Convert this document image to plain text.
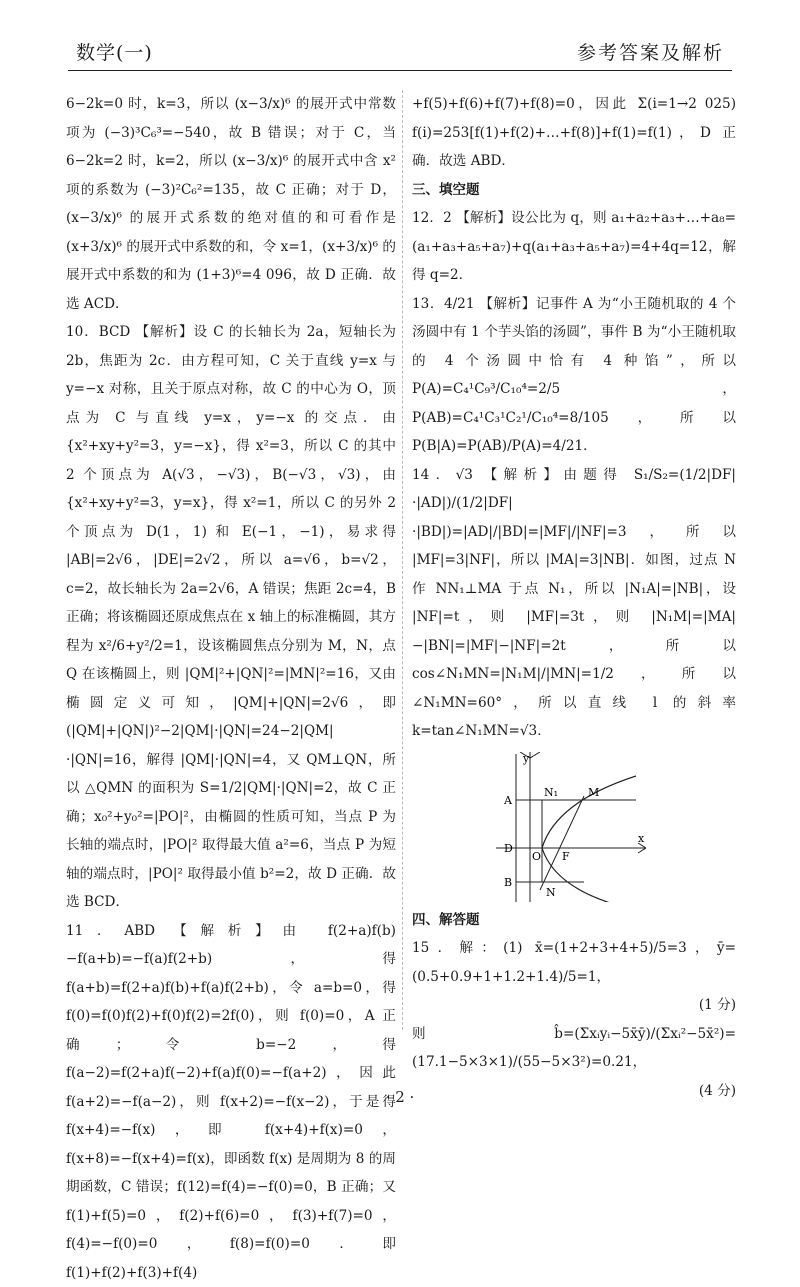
数学(一)	参考答案及解析

6−2k=0 时，k=3，所以 (x−3/x)⁶ 的展开式中常数项为 (−3)³C₆³=−540，故 B 错误；对于 C，当 6−2k=2 时，k=2，所以 (x−3/x)⁶ 的展开式中含 x² 项的系数为 (−3)²C₆²=135，故 C 正确；对于 D，(x−3/x)⁶ 的展开式系数的绝对值的和可看作是 (x+3/x)⁶ 的展开式中系数的和，令 x=1，(x+3/x)⁶ 的展开式中系数的和为 (1+3)⁶=4 096，故 D 正确．故选 ACD．

10．BCD 【解析】设 C 的长轴长为 2a，短轴长为 2b，焦距为 2c．由方程可知，C 关于直线 y=x 与 y=−x 对称，且关于原点对称，故 C 的中心为 O，顶点为 C 与直线 y=x，y=−x 的交点．由 {x²+xy+y²=3，y=−x}，得 x²=3，所以 C 的其中 2 个顶点为 A(√3，−√3)，B(−√3，√3)，由 {x²+xy+y²=3，y=x}，得 x²=1，所以 C 的另外 2 个顶点为 D(1，1) 和 E(−1，−1)，易求得 |AB|=2√6，|DE|=2√2，所以 a=√6，b=√2，c=2，故长轴长为 2a=2√6，A 错误；焦距 2c=4，B 正确；将该椭圆还原成焦点在 x 轴上的标准椭圆，其方程为 x²/6+y²/2=1，设该椭圆焦点分别为 M，N，点 Q 在该椭圆上，则 |QM|²+|QN|²=|MN|²=16，又由椭圆定义可知，|QM|+|QN|=2√6，即 (|QM|+|QN|)²−2|QM|·|QN|=24−2|QM|·|QN|=16，解得 |QM|·|QN|=4，又 QM⊥QN，所以 △QMN 的面积为 S=1/2|QM|·|QN|=2，故 C 正确；x₀²+y₀²=|PO|²，由椭圆的性质可知，当点 P 为长轴的端点时，|PO|² 取得最大值 a²=6，当点 P 为短轴的端点时，|PO|² 取得最小值 b²=2，故 D 正确．故选 BCD．

11．ABD 【解析】由 f(2+a)f(b)−f(a+b)=−f(a)f(2+b)，得 f(a+b)=f(2+a)f(b)+f(a)f(2+b)，令 a=b=0，得 f(0)=f(0)f(2)+f(0)f(2)=2f(0)，则 f(0)=0，A 正确；令 b=−2，得 f(a−2)=f(2+a)f(−2)+f(a)f(0)=−f(a+2)，因此 f(a+2)=−f(a−2)，则 f(x+2)=−f(x−2)，于是得 f(x+4)=−f(x)，即 f(x+4)+f(x)=0，f(x+8)=−f(x+4)=f(x)，即函数 f(x) 是周期为 8 的周期函数，C 错误；f(12)=f(4)=−f(0)=0，B 正确；又 f(1)+f(5)=0，f(2)+f(6)=0，f(3)+f(7)=0，f(4)=−f(0)=0，f(8)=f(0)=0．即 f(1)+f(2)+f(3)+f(4)

+f(5)+f(6)+f(7)+f(8)=0，因此 Σ(i=1→2 025) f(i)=253[f(1)+f(2)+…+f(8)]+f(1)=f(1)，D 正确．故选 ABD．

三、填空题

12．2 【解析】设公比为 q，则 a₁+a₂+a₃+…+a₈=(a₁+a₃+a₅+a₇)+q(a₁+a₃+a₅+a₇)=4+4q=12，解得 q=2．

13．4/21 【解析】记事件 A 为“小王随机取的 4 个汤圆中有 1 个芋头馅的汤圆”，事件 B 为“小王随机取的 4 个汤圆中恰有 4 种馅”，所以 P(A)=C₄¹C₉³/C₁₀⁴=2/5，P(AB)=C₄¹C₃¹C₂¹/C₁₀⁴=8/105，所以 P(B|A)=P(AB)/P(A)=4/21．

14．√3 【解析】由题得 S₁/S₂=(1/2|DF|·|AD|)/(1/2|DF|·|BD|)=|AD|/|BD|=|MF|/|NF|=3，所以 |MF|=3|NF|，所以 |MA|=3|NB|．如图，过点 N 作 NN₁⊥MA 于点 N₁，所以 |N₁A|=|NB|，设 |NF|=t，则 |MF|=3t，则 |N₁M|=|MA|−|BN|=|MF|−|NF|=2t，所以 cos∠N₁MN=|N₁M|/|MN|=1/2，所以 ∠N₁MN=60°，所以直线 l 的斜率 k=tan∠N₁MN=√3．

y
x
A
B
D
O F
N
N₁	M

四、解答题

15．解：(1) x̄=(1+2+3+4+5)/5=3，ȳ=(0.5+0.9+1+1.2+1.4)/5=1，

(1 分)

则 b̂=(Σxᵢyᵢ−5x̄ȳ)/(Σxᵢ²−5x̄²)=(17.1−5×3×1)/(55−5×3²)=0.21，

(4 分)

· 2 ·
